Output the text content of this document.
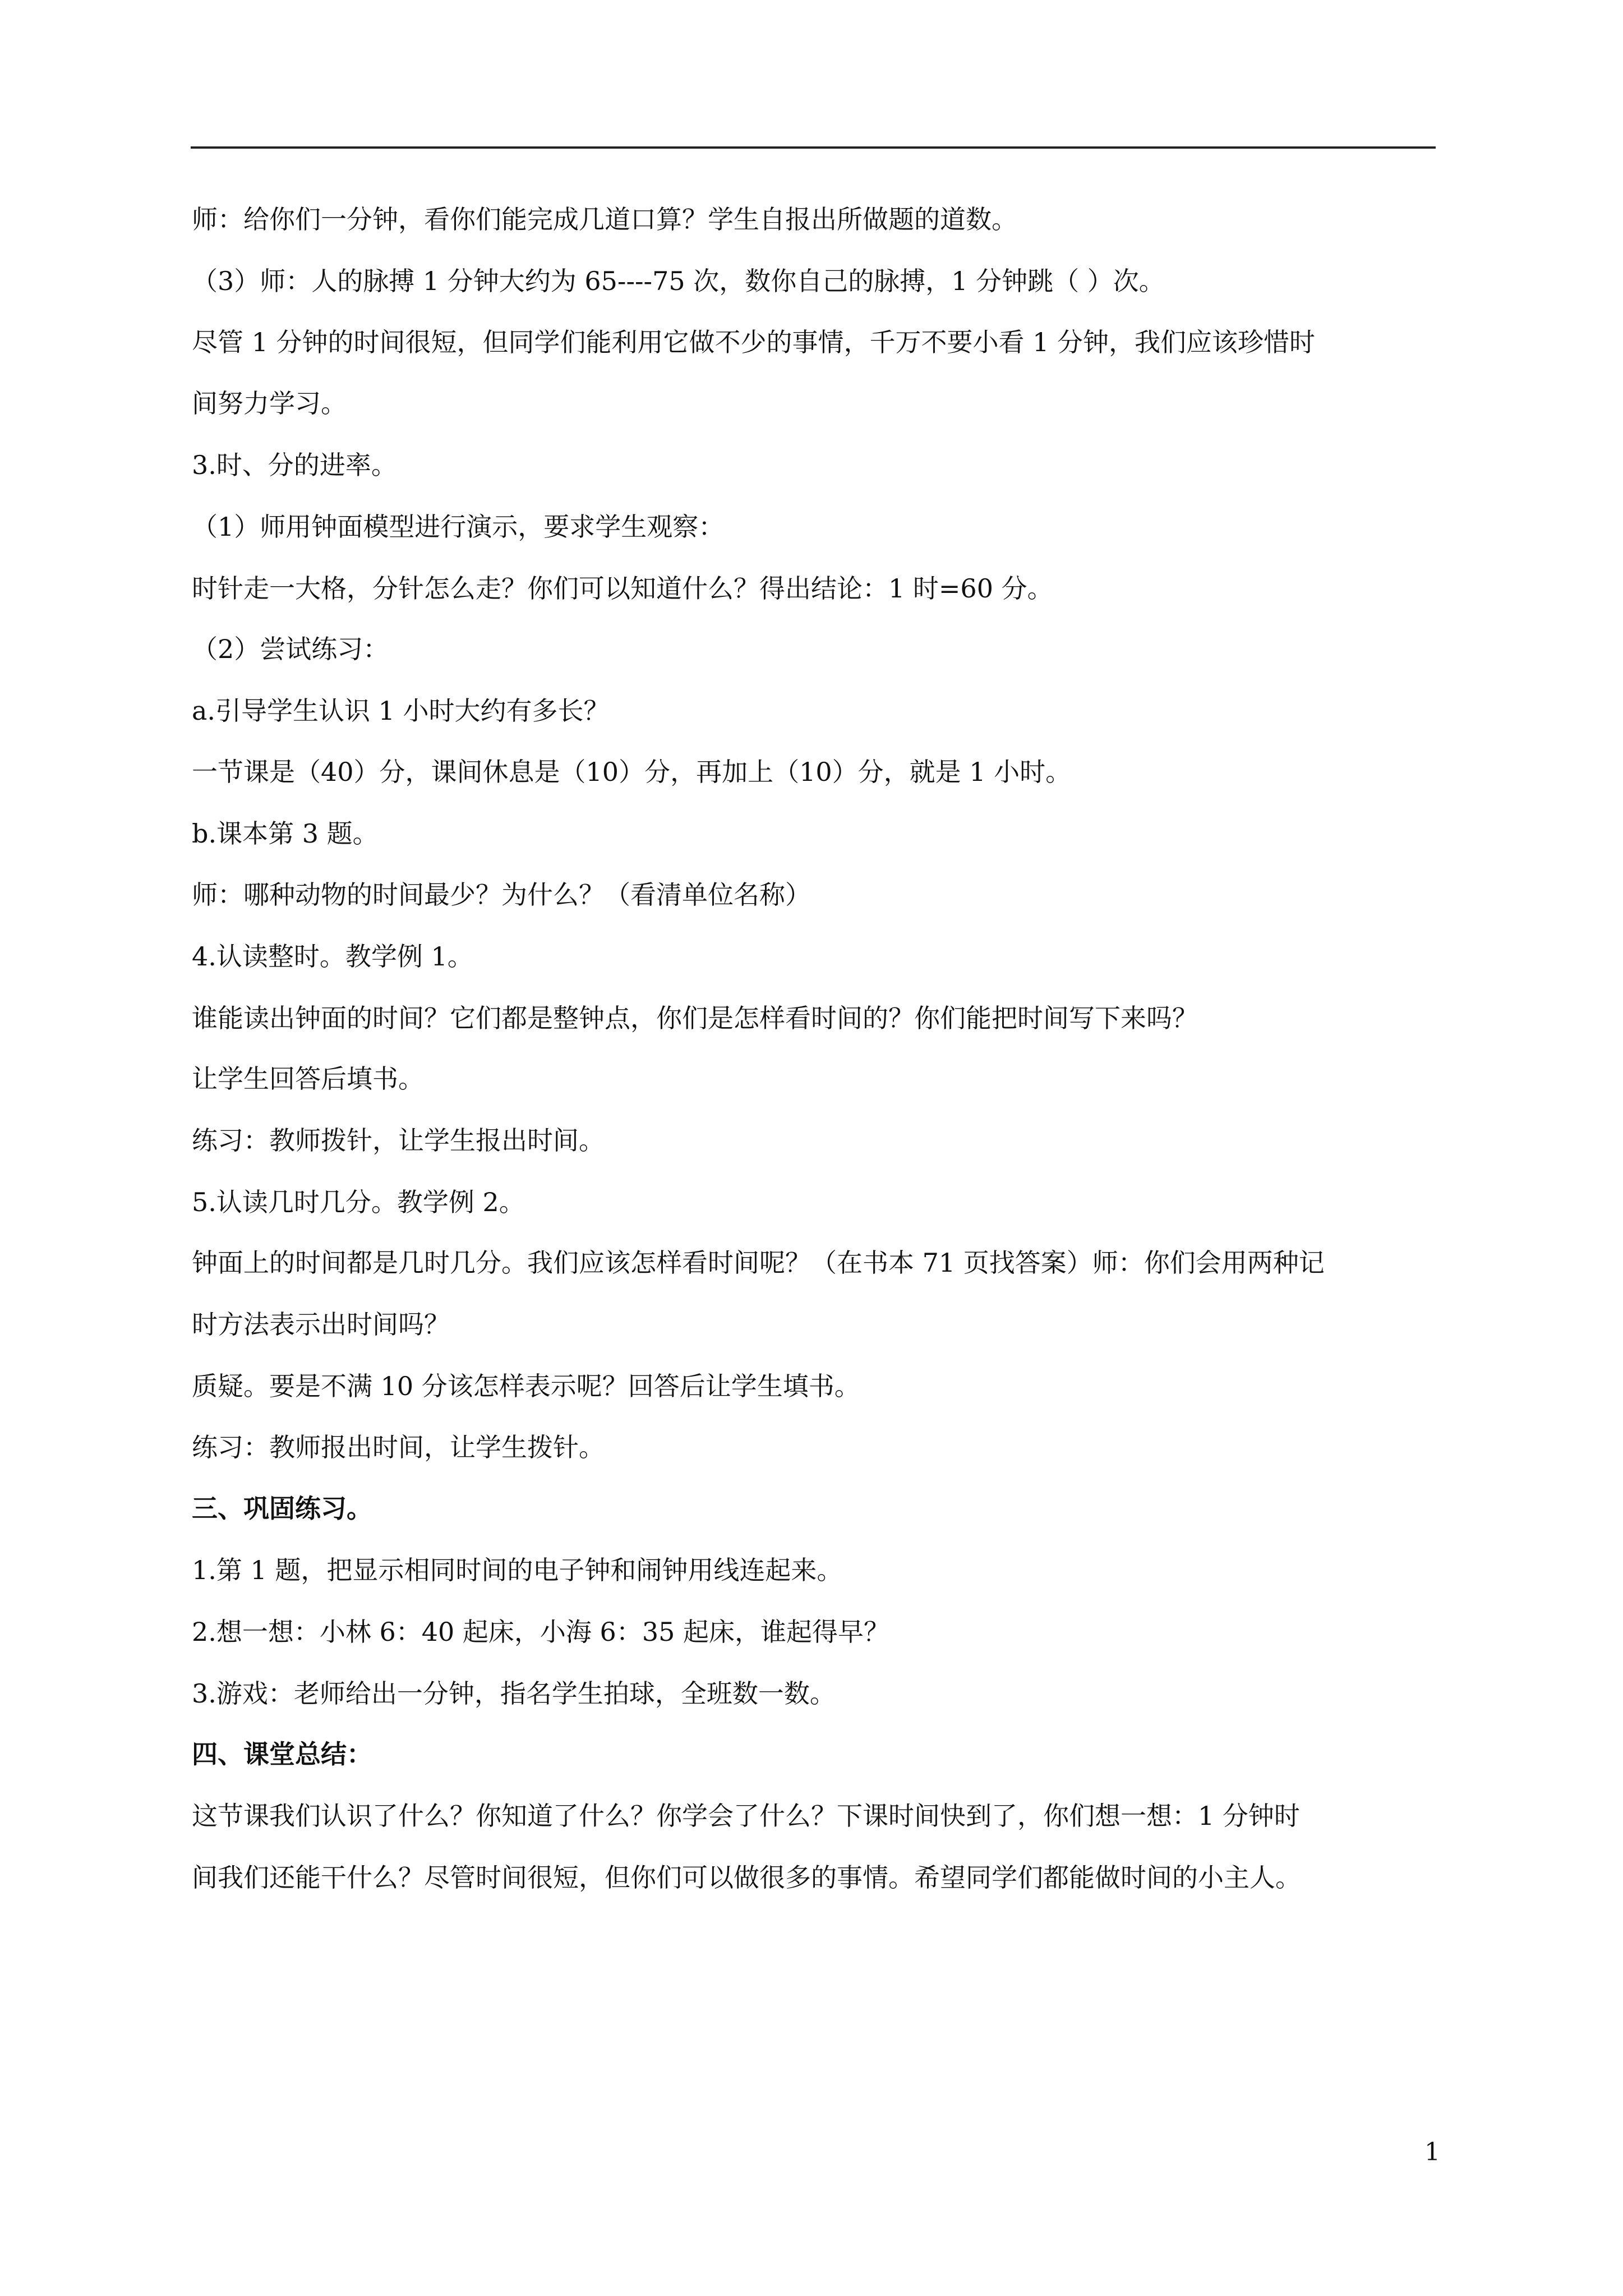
师：给你们一分钟，看你们能完成几道口算？学生自报出所做题的道数。
（3）师：人的脉搏 1 分钟大约为 65----75 次，数你自己的脉搏，1 分钟跳（ ）次。
尽管 1 分钟的时间很短，但同学们能利用它做不少的事情，千万不要小看 1 分钟，我们应该珍惜时
间努力学习。
3.时、分的进率。
（1）师用钟面模型进行演示，要求学生观察：
时针走一大格，分针怎么走？你们可以知道什么？得出结论：1 时=60 分。
（2）尝试练习：
a.引导学生认识 1 小时大约有多长？
一节课是（40）分，课间休息是（10）分，再加上（10）分，就是 1 小时。
b.课本第 3 题。
师：哪种动物的时间最少？为什么？（看清单位名称）
4.认读整时。教学例 1。
谁能读出钟面的时间？它们都是整钟点，你们是怎样看时间的？你们能把时间写下来吗？
让学生回答后填书。
练习：教师拨针，让学生报出时间。
5.认读几时几分。教学例 2。
钟面上的时间都是几时几分。我们应该怎样看时间呢？（在书本 71 页找答案）师：你们会用两种记
时方法表示出时间吗？
质疑。要是不满 10 分该怎样表示呢？回答后让学生填书。
练习：教师报出时间，让学生拨针。
三、巩固练习。
1.第 1 题，把显示相同时间的电子钟和闹钟用线连起来。
2.想一想：小林 6：40 起床，小海 6：35 起床，谁起得早？
3.游戏：老师给出一分钟，指名学生拍球，全班数一数。
四、课堂总结：
这节课我们认识了什么？你知道了什么？你学会了什么？下课时间快到了，你们想一想：1 分钟时
间我们还能干什么？尽管时间很短，但你们可以做很多的事情。希望同学们都能做时间的小主人。
1
